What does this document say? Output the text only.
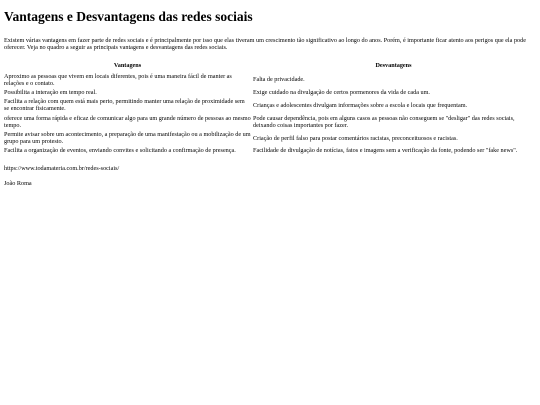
Vantagens e Desvantagens das redes sociais

Existem várias vantagens em fazer parte de redes sociais e é principalmente por isso que elas tiveram um crescimento tão significativo ao longo do anos. Porém, é importante ficar atento aos perigos que ela pode oferecer. Veja no quadro a seguir as principais vantagens e desvantagens das redes sociais.

Vantagens	Desvantagens
Aproximo as pessoas que vivem em locais diferentes, pois é uma maneira fácil de manter as relações e o contato.	Falta de privacidade.
Possibilita a interação em tempo real.	Exige cuidado na divulgação de certos pormenores da vida de cada um.
Facilita a relação com quem está mais perto, permitindo manter uma relação de proximidade sem se encontrar fisicamente.	Crianças e adolescentes divulgam informações sobre a escola e locais que frequentam.
oferece uma forma rápida e eficaz de comunicar algo para um grande número de pessoas ao mesmo tempo.	Pode causar dependência, pois em alguns casos as pessoas não conseguem se "desligar" das redes sociais, deixando coisas importantes por fazer.
Permite avisar sobre um acontecimento, a preparação de uma manifestação ou a mobilização de um grupo para um protesto.	Criação de perfil falso para postar comentários racistas, preconceituosos e racistas.
Facilita a organização de eventos, enviando convites e solicitando a confirmação de presença.	Facilidade de divulgação de notícias, fatos e imagens sem a verificação da fonte, podendo ser "fake news".

https://www.todamateria.com.br/redes-sociais/

João Roma
